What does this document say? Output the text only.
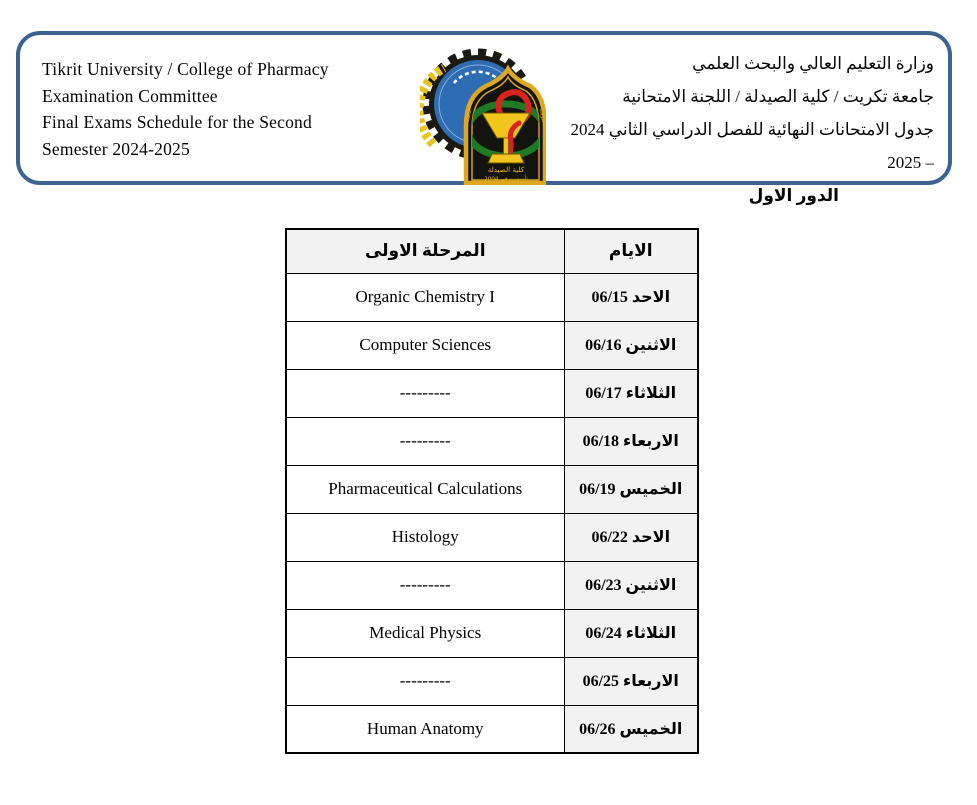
Tikrit University / College of Pharmacy
Examination Committee
Final Exams Schedule for the Second
Semester 2024-2025
جامعة	تكريت
كلية الصيدلة
تأسست في 2004
وزارة التعليم العالي والبحث العلمي
جامعة تكريت / كلية الصيدلة / اللجنة الامتحانية
جدول الامتحانات النهائية للفصل الدراسي الثاني 2024 – 2025
الدور الاول
المرحلة الاولى	الايام
Organic Chemistry I	الاحد 06/15
Computer Sciences	الاثنين 06/16
---------	الثلاثاء 06/17
---------	الاربعاء 06/18
Pharmaceutical Calculations	الخميس 06/19
Histology	الاحد 06/22
---------	الاثنين 06/23
Medical Physics	الثلاثاء 06/24
---------	الاربعاء 06/25
Human Anatomy	الخميس 06/26
